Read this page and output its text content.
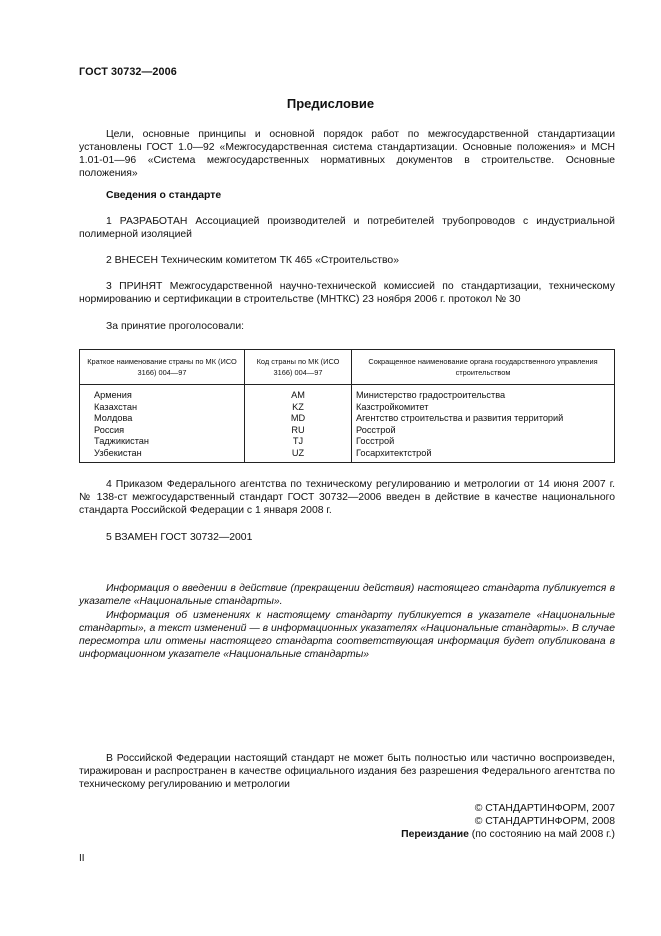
ГОСТ 30732—2006
Предисловие
Цели, основные принципы и основной порядок работ по межгосударственной стандартизации установлены ГОСТ 1.0—92 «Межгосударственная система стандартизации. Основные положения» и МСН 1.01-01—96 «Система межгосударственных нормативных документов в строительстве. Основные положения»
Сведения о стандарте
1 РАЗРАБОТАН Ассоциацией производителей и потребителей трубопроводов с индустриальной полимерной изоляцией
2 ВНЕСЕН Техническим комитетом ТК 465 «Строительство»
3 ПРИНЯТ Межгосударственной научно-технической комиссией по стандартизации, техническому нормированию и сертификации в строительстве (МНТКС) 23 ноября 2006 г. протокол № 30
За принятие проголосовали:
Краткое наименование страны по МК (ИСО 3166) 004—97	Код страны по МК (ИСО 3166) 004—97	Сокращенное наименование органа государственного управления строительством
Армения	AM	Министерство градостроительства
Казахстан	KZ	Казстройкомитет
Молдова	MD	Агентство строительства и развития территорий
Россия	RU	Росстрой
Таджикистан	TJ	Госстрой
Узбекистан	UZ	Госархитектстрой
4 Приказом Федерального агентства по техническому регулированию и метрологии от 14 июня 2007 г. № 138-ст межгосударственный стандарт ГОСТ 30732—2006 введен в действие в качестве национального стандарта Российской Федерации с 1 января 2008 г.
5 ВЗАМЕН ГОСТ 30732—2001
Информация о введении в действие (прекращении действия) настоящего стандарта публикуется в указателе «Национальные стандарты».
Информация об изменениях к настоящему стандарту публикуется в указателе «Национальные стандарты», а текст изменений — в информационных указателях «Национальные стандарты». В случае пересмотра или отмены настоящего стандарта соответствующая информация будет опубликована в информационном указателе «Национальные стандарты»
В Российской Федерации настоящий стандарт не может быть полностью или частично воспроизведен, тиражирован и распространен в качестве официального издания без разрешения Федерального агентства по техническому регулированию и метрологии
© СТАНДАРТИНФОРМ, 2007
© СТАНДАРТИНФОРМ, 2008
Переиздание (по состоянию на май 2008 г.)
II
